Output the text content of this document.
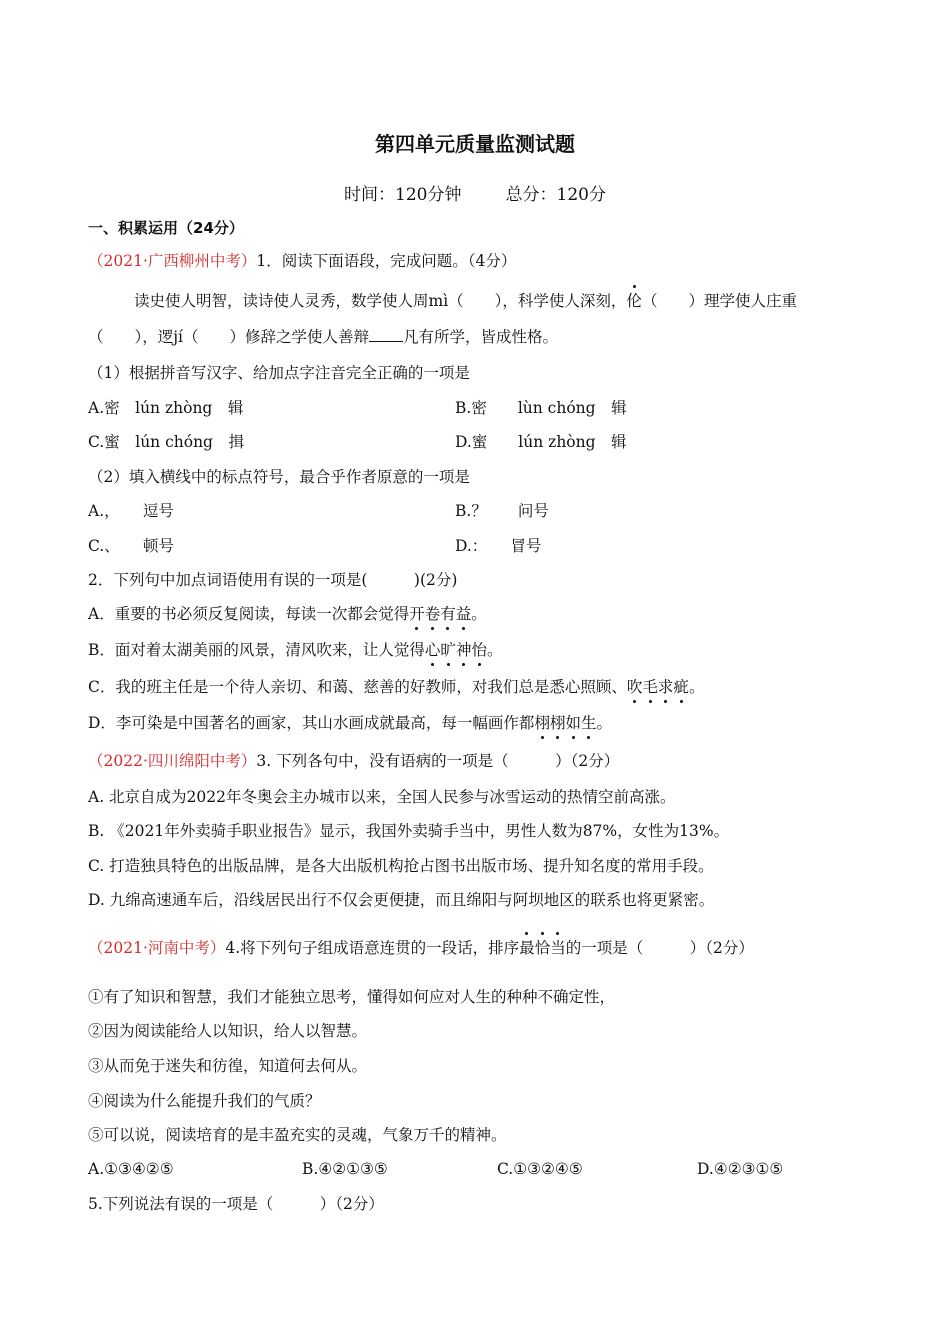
第四单元质量监测试题
时间：120分钟	总分：120分
一、积累运用（24分）
（2021·广西柳州中考）1．阅读下面语段，完成问题。（4分）
读史使人明智，读诗使人灵秀，数学使人周mì（　　），科学使人深刻，伦（　　）理学使人庄重
（　　），逻jí（　　）修辞之学使人善辩 凡有所学，皆成性格。
（1）根据拼音写汉字、给加点字注音完全正确的一项是
A.密　lún zhòng　辑	B.密　　lùn chóng　辑
C.蜜　lún chóng　揖	D.蜜　　lún zhòng　辑
（2）填入横线中的标点符号，最合乎作者原意的一项是
A.，　　逗号	B.？　　问号
C.、　　顿号	D.：　　冒号
2．下列句中加点词语使用有误的一项是(　　　)(2分)
A．重要的书必须反复阅读，每读一次都会觉得开卷有益。
B．面对着太湖美丽的风景，清风吹来，让人觉得心旷神怡。
C．我的班主任是一个待人亲切、和蔼、慈善的好教师，对我们总是悉心照顾、吹毛求疵。
D．李可染是中国著名的画家，其山水画成就最高，每一幅画作都栩栩如生。
（2022·四川绵阳中考）3. 下列各句中，没有语病的一项是（　　　）（2分）
A. 北京自成为2022年冬奥会主办城市以来，全国人民参与冰雪运动的热情空前高涨。
B. 《2021年外卖骑手职业报告》显示，我国外卖骑手当中，男性人数为87%，女性为13%。
C. 打造独具特色的出版品牌，是各大出版机构抢占图书出版市场、提升知名度的常用手段。
D. 九绵高速通车后，沿线居民出行不仅会更便捷，而且绵阳与阿坝地区的联系也将更紧密。
（2021·河南中考）4.将下列句子组成语意连贯的一段话，排序最恰当的一项是（　　　）（2分）
①有了知识和智慧，我们才能独立思考，懂得如何应对人生的种种不确定性，
②因为阅读能给人以知识，给人以智慧。
③从而免于迷失和彷徨，知道何去何从。
④阅读为什么能提升我们的气质？
⑤可以说，阅读培育的是丰盈充实的灵魂，气象万千的精神。
A.①③④②⑤	B.④②①③⑤	C.①③②④⑤	D.④②③①⑤
5.下列说法有误的一项是（　　　）（2分）
